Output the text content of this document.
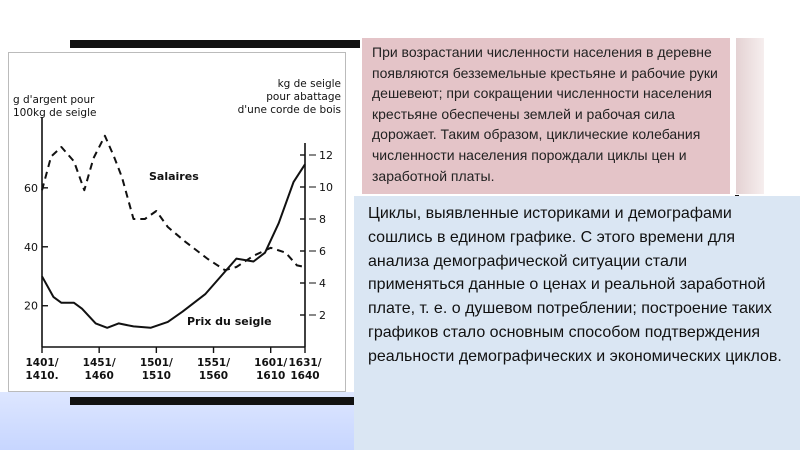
20
40
60
2
4
6
8
10
12
1401/
1410.
1451/
1460
1501/
1510
1551/
1560
1601/
1610
1631/
1640
g d'argent pour
100kg de seigle
kg de seigle
pour abattage
d'une corde de bois
Salaires
Prix du seigle
При возрастании численности населения в деревне появляются безземельные крестьяне и рабочие руки дешевеют; при сокращении численности населения крестьяне обеспечены землей и рабочая сила дорожает. Таким образом, циклические колебания численности населения порождали циклы цен и заработной платы.
Циклы, выявленные историками и демографами сошлись в едином графике. С этого времени для анализа демографической ситуации стали применяться данные о ценах и реальной заработной плате, т. е. о душевом потреблении; построение таких графиков стало основным способом подтверждения реальности демографических и экономических циклов.
